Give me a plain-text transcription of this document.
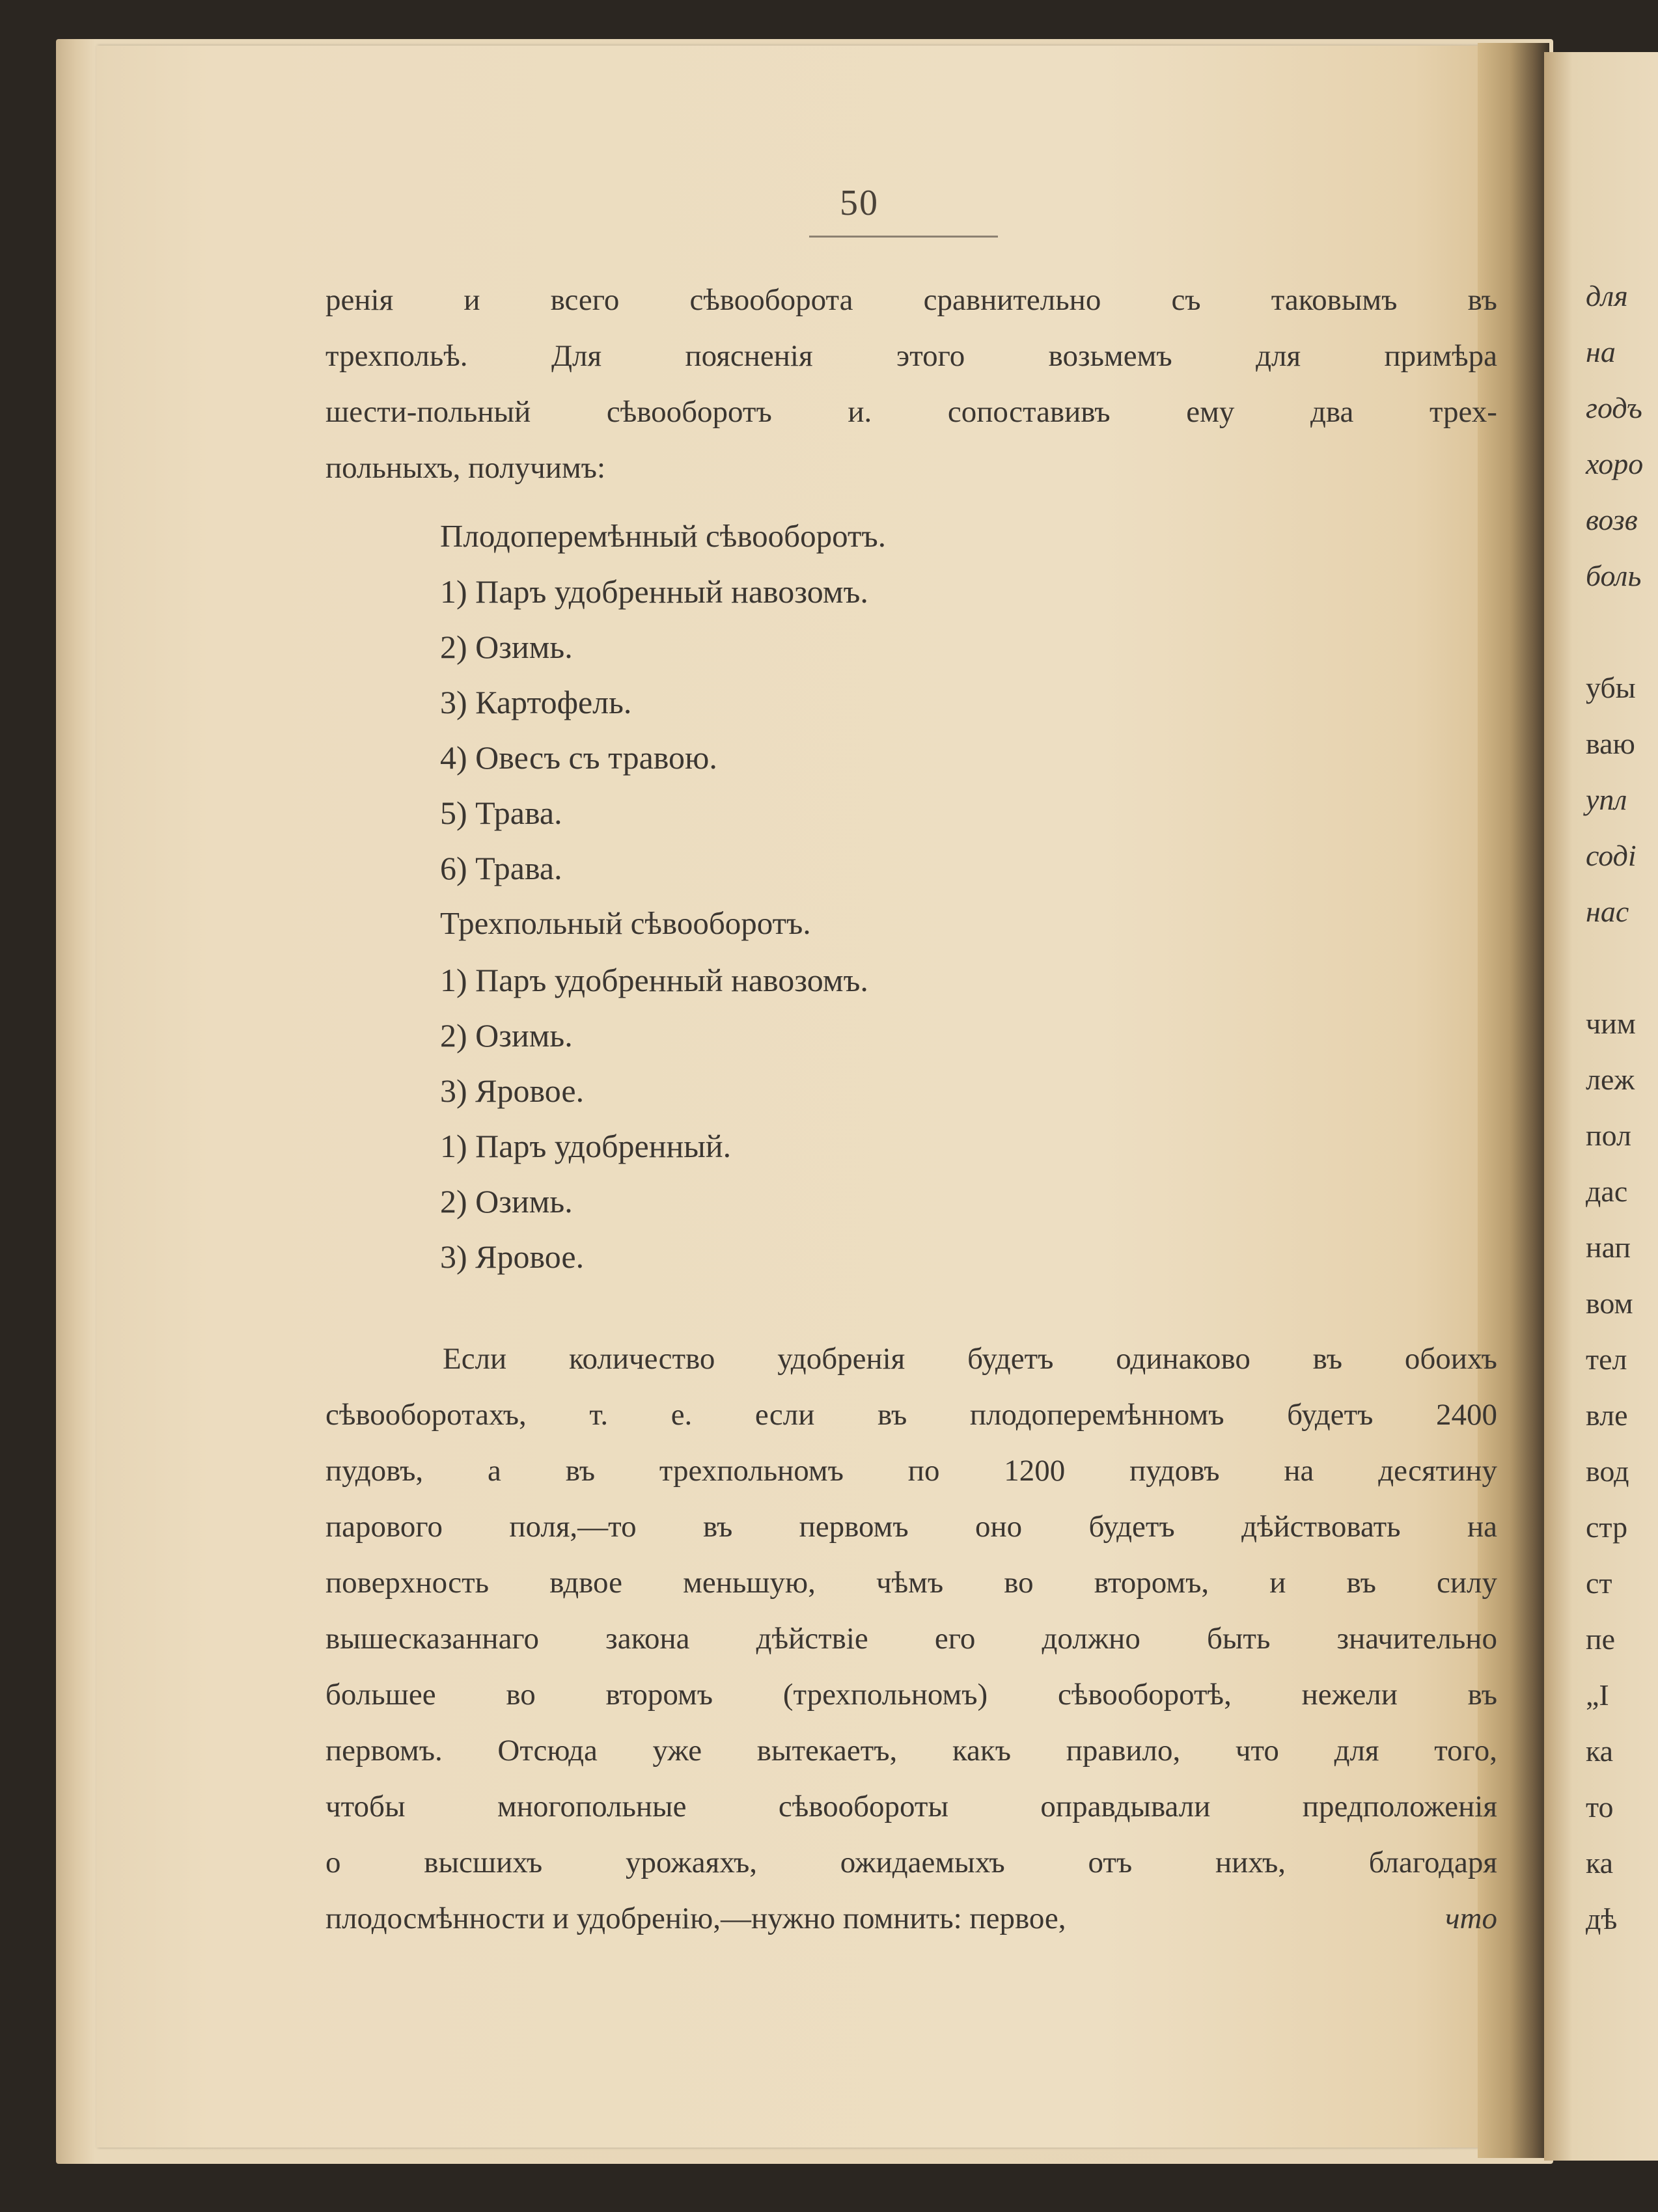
50
ренія и всего сѣвооборота сравнительно съ таковымъ въ
трехпольѣ.	Для	поясненія	этого	возьмемъ	для	примѣра
шести-польный сѣвооборотъ и. сопоставивъ ему два трех-
польныхъ, получимъ:
Плодоперемѣнный сѣвооборотъ.
1) Паръ удобренный навозомъ.
2) Озимь.
3) Картофель.
4) Овесъ съ травою.
5) Трава.
6) Трава.
Трехпольный сѣвооборотъ.
1) Паръ удобренный навозомъ.
2) Озимь.
3) Яровое.
1) Паръ удобренный.
2) Озимь.
3) Яровое.
Если количество удобренія будетъ одинаково въ обоихъ
сѣвооборотахъ, т. е. если въ плодоперемѣнномъ будетъ 2400
пудовъ, а въ трехпольномъ по 1200 пудовъ на десятину
парового поля,—то въ первомъ оно будетъ дѣйствовать на
поверхность вдвое меньшую, чѣмъ во второмъ, и въ силу
вышесказаннаго закона дѣйствіе его должно быть значительно
большее во второмъ (трехпольномъ) сѣвооборотѣ, нежели въ
первомъ. Отсюда уже вытекаетъ, какъ правило, что для того,
чтобы	многопольные	сѣвообороты	оправдывали	предположенія
о	высшихъ	урожаяхъ,	ожидаемыхъ	отъ	нихъ,	благодаря
плодосмѣнности и удобренію,—нужно помнить: первое,	что
для
на
годъ
хоро
возв
боль
убы
ваю
упл
соді
нас
чим
леж
пол
дас
нап
вом
тел
вле
вод
стр
ст
пе
„І
ка
то
ка
дѣ
